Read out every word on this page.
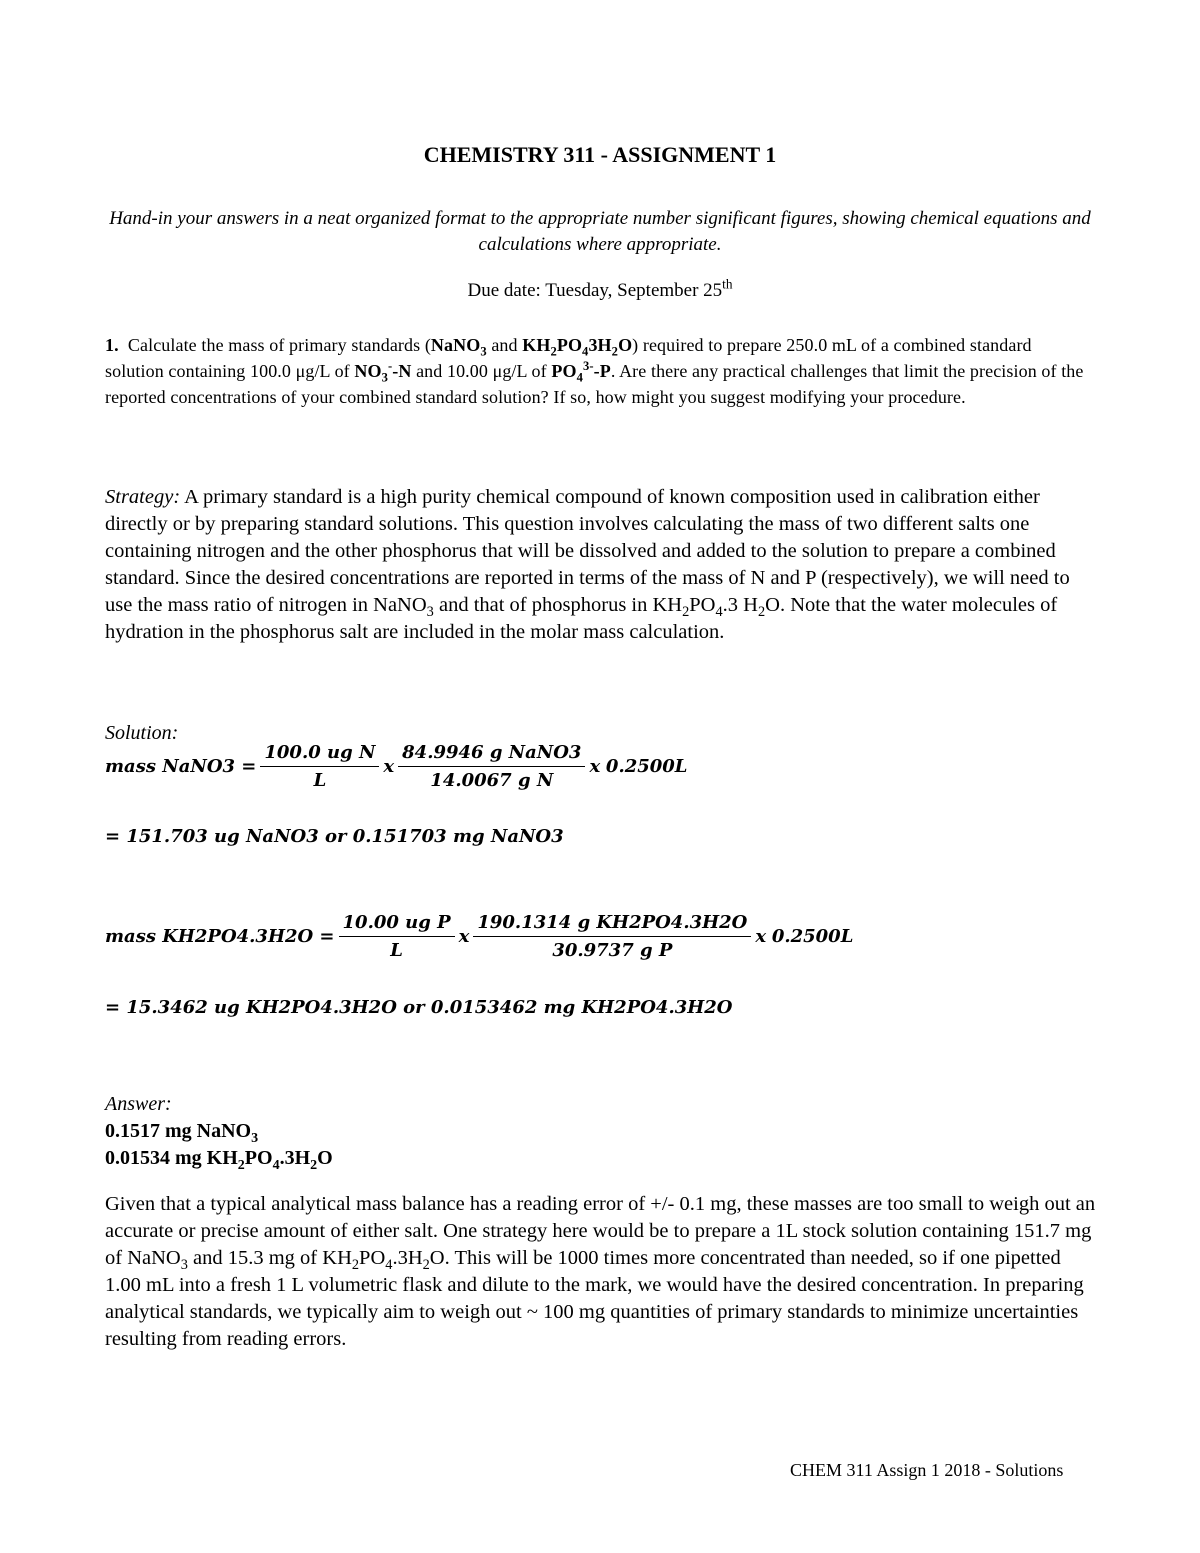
CHEMISTRY 311 - ASSIGNMENT 1
Hand-in your answers in a neat organized format to the appropriate number significant figures, showing chemical equations and calculations where appropriate.
Due date: Tuesday, September 25th
1. Calculate the mass of primary standards (NaNO$_3$ and $KH_2PO_43H_2O$) required to prepare 250.0 mL of a combined standard solution containing 100.0 μg/L of $NO_3^--N$ and 10.00 μg/L of $PO_4^{3-}-P$. Are there any practical challenges that limit the precision of the reported concentrations of your combined standard solution? If so, how might you suggest modifying your procedure.
Strategy: A primary standard is a high purity chemical compound of known composition used in calibration either directly or by preparing standard solutions. This question involves calculating the mass of two different salts one containing nitrogen and the other phosphorus that will be dissolved and added to the solution to prepare a combined standard. Since the desired concentrations are reported in terms of the mass of N and P (respectively), we will need to use the mass ratio of nitrogen in NaNO$_3$ and that of phosphorus in $KH_2PO_4.3$ $H_2O$. Note that the water molecules of hydration in the phosphorus salt are included in the molar mass calculation.
Solution:
mass NaNO3 = $\frac{\text{100.0 ug N}}{L}$ x $\frac{\text{84.9946 g NaNO3}}{\text{14.0067 g N}}$ x
0.2500L
= 151.703 ug NaNO3 or 0.151703 mg NaNO3
mass $KH2PO4.3H2O = \frac{\text{10.00 ug P}}{L}$ x $\frac{\text{190.1314 g KH2PO4.3H2O}}{\text{30.9737 g P}}$ x
0.2500L
= 15.3462 ug KH2PO4.3H2O or 0.0153462 mg KH2PO4.3H2O
Answer:
0.1517 mg NaNO$_3$
0.01534 mg $KH_2PO_4.3H_2O$
Given that a typical analytical mass balance has a reading error of +/- 0.1 mg, these masses are too small to weigh out an accurate or precise amount of either salt. One strategy here would be to prepare a 1L stock solution containing 151.7 mg of NaNO$_3$ and 15.3 mg of $KH_2PO_4.3H_2O$. This will be 1000 times more concentrated than needed, so if one pipetted 1.00 mL into a fresh 1 L volumetric flask and dilute to the mark, we would have the desired concentration. In preparing analytical standards, we typically aim to weigh out ~ 100 mg quantities of primary standards to minimize uncertainties resulting from reading errors.
CHEM 311 Assign 1 2018 - Solutions
